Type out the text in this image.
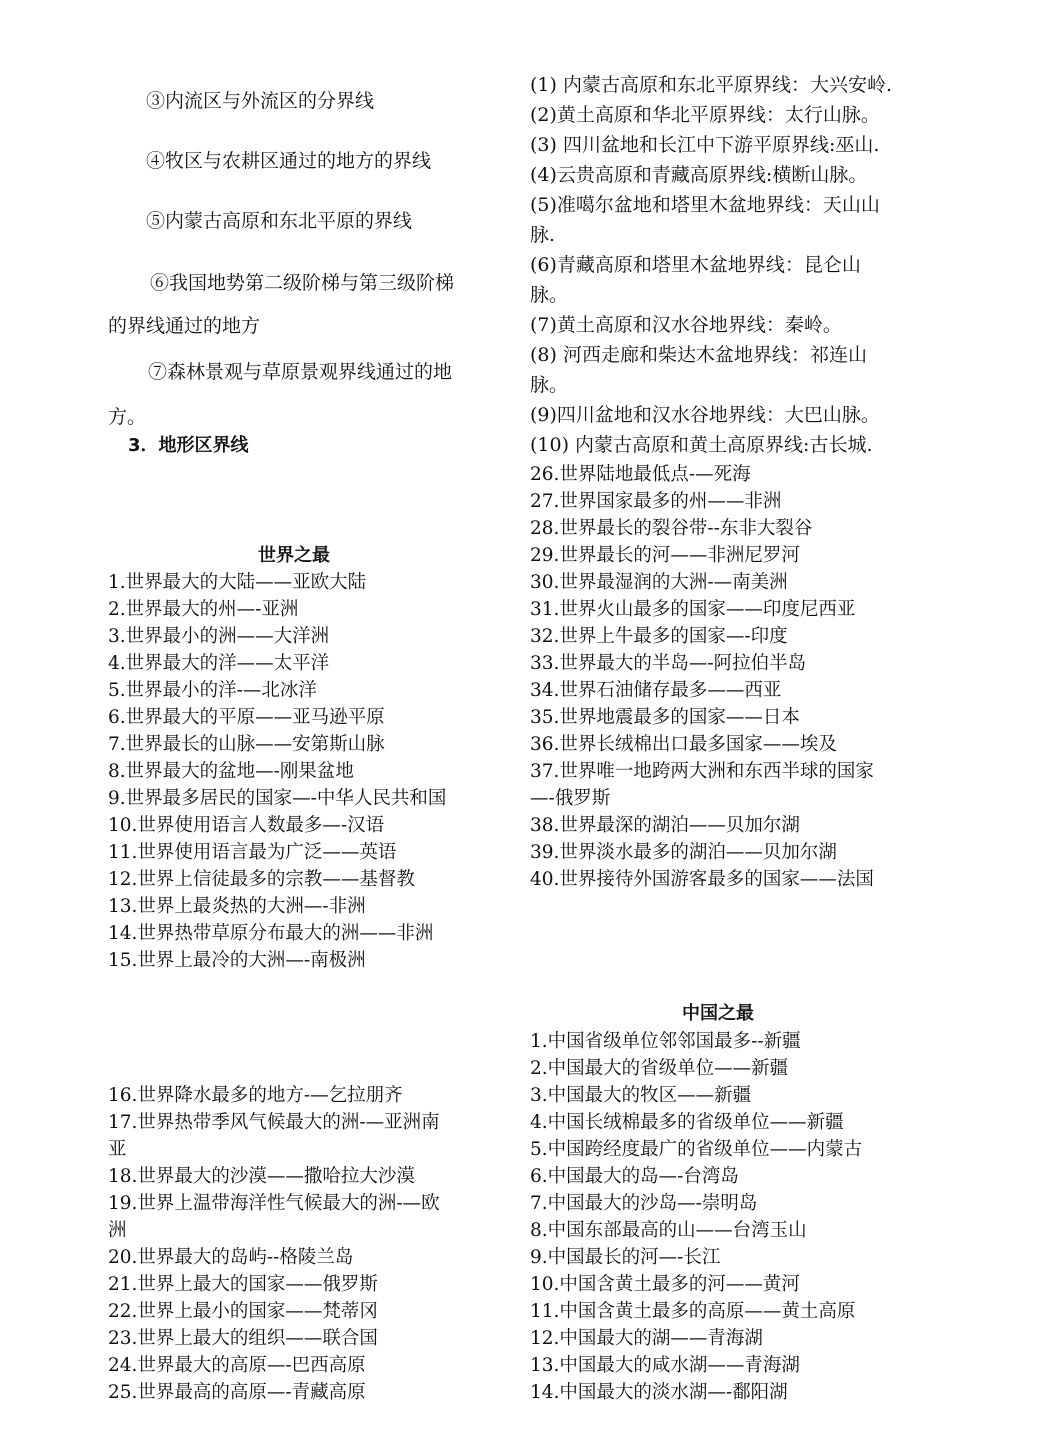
③内流区与外流区的分界线
④牧区与农耕区通过的地方的界线
⑤内蒙古高原和东北平原的界线
⑥我国地势第二级阶梯与第三级阶梯
的界线通过的地方
⑦森林景观与草原景观界线通过的地
方。
3．地形区界线
世界之最
1.世界最大的大陆——亚欧大陆
2.世界最大的州—-亚洲
3.世界最小的洲——大洋洲
4.世界最大的洋——太平洋
5.世界最小的洋-—北冰洋
6.世界最大的平原——亚马逊平原
7.世界最长的山脉——安第斯山脉
8.世界最大的盆地—-刚果盆地
9.世界最多居民的国家—-中华人民共和国
10.世界使用语言人数最多—-汉语
11.世界使用语言最为广泛——英语
12.世界上信徒最多的宗教——基督教
13.世界上最炎热的大洲—-非洲
14.世界热带草原分布最大的洲——非洲
15.世界上最冷的大洲—-南极洲
16.世界降水最多的地方-—乞拉朋齐
17.世界热带季风气候最大的洲-—亚洲南
亚
18.世界最大的沙漠——撒哈拉大沙漠
19.世界上温带海洋性气候最大的洲-—欧
洲
20.世界最大的岛屿--格陵兰岛
21.世界上最大的国家——俄罗斯
22.世界上最小的国家——梵蒂冈
23.世界上最大的组织——联合国
24.世界最大的高原—-巴西高原
25.世界最高的高原—-青藏高原
(1) 内蒙古高原和东北平原界线：大兴安岭.
(2)黄土高原和华北平原界线：太行山脉。
(3) 四川盆地和长江中下游平原界线:巫山.
(4)云贵高原和青藏高原界线:横断山脉。
(5)准噶尔盆地和塔里木盆地界线：天山山
脉.
(6)青藏高原和塔里木盆地界线：昆仑山
脉。
(7)黄土高原和汉水谷地界线：秦岭。
(8) 河西走廊和柴达木盆地界线：祁连山
脉。
(9)四川盆地和汉水谷地界线：大巴山脉。
(10) 内蒙古高原和黄土高原界线:古长城.
26.世界陆地最低点-—死海
27.世界国家最多的州——非洲
28.世界最长的裂谷带--东非大裂谷
29.世界最长的河——非洲尼罗河
30.世界最湿润的大洲-—南美洲
31.世界火山最多的国家——印度尼西亚
32.世界上牛最多的国家—-印度
33.世界最大的半岛—-阿拉伯半岛
34.世界石油储存最多——西亚
35.世界地震最多的国家——日本
36.世界长绒棉出口最多国家——埃及
37.世界唯一地跨两大洲和东西半球的国家
—-俄罗斯
38.世界最深的湖泊——贝加尔湖
39.世界淡水最多的湖泊——贝加尔湖
40.世界接待外国游客最多的国家——法国
中国之最
1.中国省级单位邻邻国最多--新疆
2.中国最大的省级单位——新疆
3.中国最大的牧区——新疆
4.中国长绒棉最多的省级单位——新疆
5.中国跨经度最广的省级单位——内蒙古
6.中国最大的岛—-台湾岛
7.中国最大的沙岛—-崇明岛
8.中国东部最高的山——台湾玉山
9.中国最长的河—-长江
10.中国含黄土最多的河——黄河
11.中国含黄土最多的高原——黄土高原
12.中国最大的湖——青海湖
13.中国最大的咸水湖——青海湖
14.中国最大的淡水湖—-鄱阳湖
